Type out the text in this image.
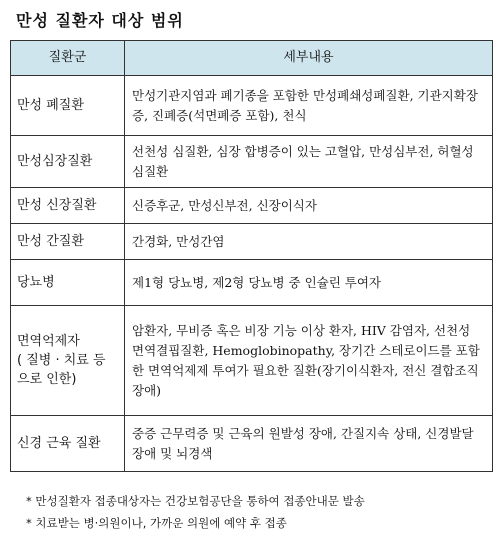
만성 질환자 대상 범위
질환군	세부내용
만성 폐질환	만성기관지염과 폐기종을 포함한 만성폐쇄성폐질환, 기관지확장증, 진폐증(석면폐증 포함), 천식
만성심장질환	선천성 심질환, 심장 합병증이 있는 고혈압, 만성심부전, 허혈성 심질환
만성 신장질환	신증후군, 만성신부전, 신장이식자
만성 간질환	간경화, 만성간염
당뇨병	제1형 당뇨병, 제2형 당뇨병 중 인슐린 투여자

면역억제자
( 질병 · 치료 등으로 인한)	암환자, 무비증 혹은 비장 기능 이상 환자, HIV 감염자, 선천성 면역결핍질환, Hemoglobinopathy, 장기간 스테로이드를 포함한 면역억제제 투여가 필요한 질환(장기이식환자, 전신 결합조직 장애)
신경 근육 질환	중증 근무력증 및 근육의 원발성 장애, 간질지속 상태, 신경발달장애 및 뇌경색
* 만성질환자 접종대상자는 건강보험공단을 통하여 접종안내문 발송
* 치료받는 병·의원이나, 가까운 의원에 예약 후 접종
